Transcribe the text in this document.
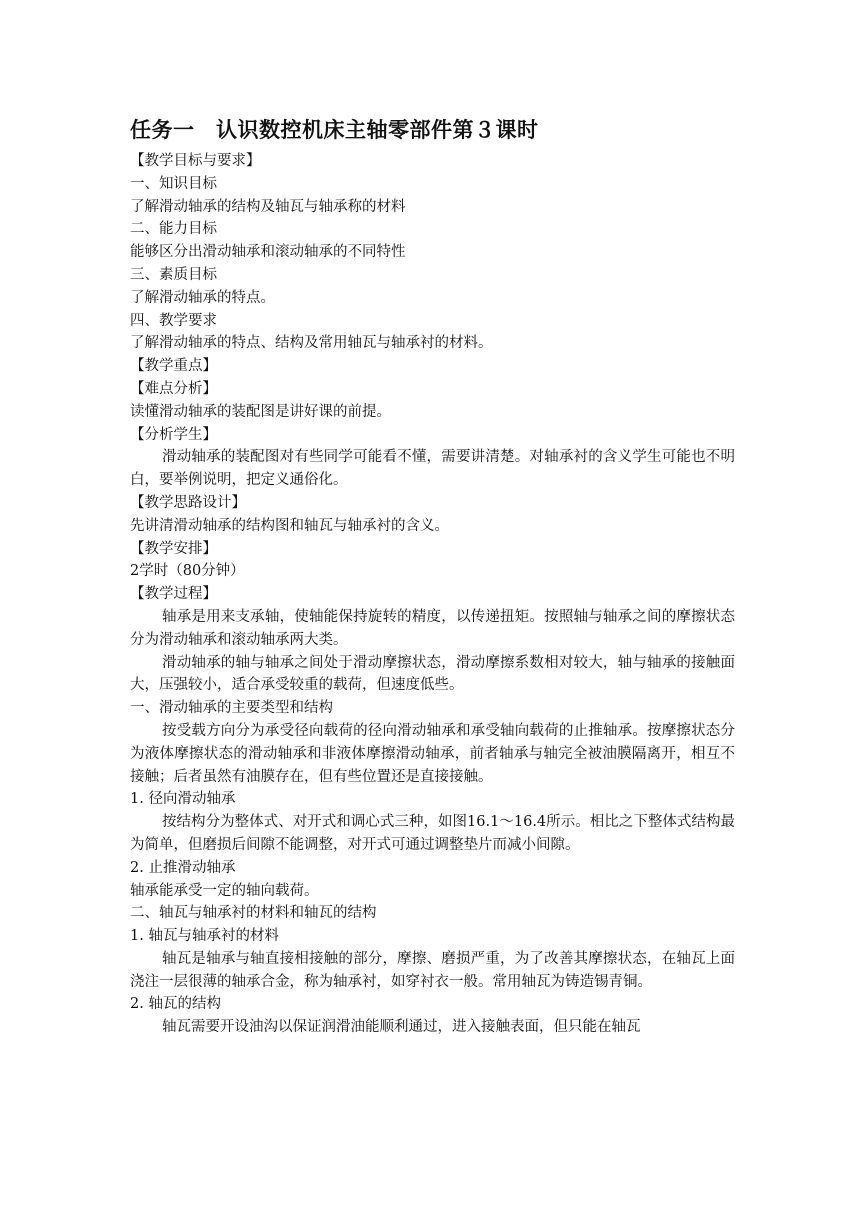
任务一　认识数控机床主轴零部件第３课时

【教学目标与要求】

一、知识目标

了解滑动轴承的结构及轴瓦与轴承称的材料

二、能力目标

能够区分出滑动轴承和滚动轴承的不同特性

三、素质目标

了解滑动轴承的特点。

四、教学要求

了解滑动轴承的特点、结构及常用轴瓦与轴承衬的材料。

【教学重点】

【难点分析】

读懂滑动轴承的装配图是讲好课的前提。

【分析学生】

滑动轴承的装配图对有些同学可能看不懂，需要讲清楚。对轴承衬的含义学生可能也不明白，要举例说明，把定义通俗化。

【教学思路设计】

先讲清滑动轴承的结构图和轴瓦与轴承衬的含义。

【教学安排】

2学时（80分钟）

【教学过程】

轴承是用来支承轴，使轴能保持旋转的精度，以传递扭矩。按照轴与轴承之间的摩擦状态分为滑动轴承和滚动轴承两大类。

滑动轴承的轴与轴承之间处于滑动摩擦状态，滑动摩擦系数相对较大，轴与轴承的接触面大，压强较小，适合承受较重的载荷，但速度低些。

一、滑动轴承的主要类型和结构

按受载方向分为承受径向载荷的径向滑动轴承和承受轴向载荷的止推轴承。按摩擦状态分为液体摩擦状态的滑动轴承和非液体摩擦滑动轴承，前者轴承与轴完全被油膜隔离开，相互不接触；后者虽然有油膜存在，但有些位置还是直接接触。

1. 径向滑动轴承

按结构分为整体式、对开式和调心式三种，如图16.1～16.4所示。相比之下整体式结构最为简单，但磨损后间隙不能调整，对开式可通过调整垫片而减小间隙。

2. 止推滑动轴承

轴承能承受一定的轴向载荷。

二、轴瓦与轴承衬的材料和轴瓦的结构

1. 轴瓦与轴承衬的材料

轴瓦是轴承与轴直接相接触的部分，摩擦、磨损严重，为了改善其摩擦状态，在轴瓦上面浇注一层很薄的轴承合金，称为轴承衬，如穿衬衣一般。常用轴瓦为铸造锡青铜。

2. 轴瓦的结构

轴瓦需要开设油沟以保证润滑油能顺利通过，进入接触表面，但只能在轴瓦
